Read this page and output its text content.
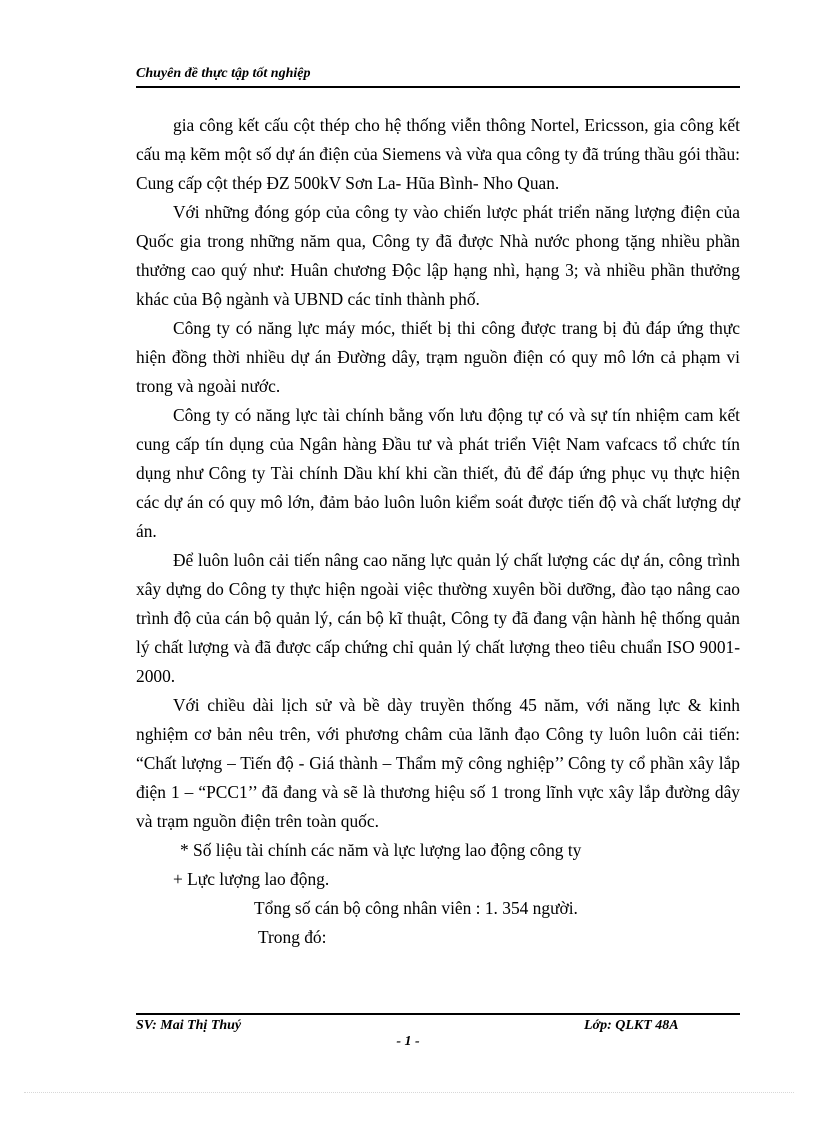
Chuyên đề thực tập tốt nghiệp

gia công kết cấu cột thép cho hệ thống viễn thông Nortel, Ericsson, gia công kết cấu mạ kẽm một số dự án điện của Siemens và vừa qua công ty đã trúng thầu gói thầu: Cung cấp cột thép ĐZ 500kV Sơn La- Hũa Bình- Nho Quan.

Với những đóng góp của công ty vào chiến lược phát triển năng lượng điện của Quốc gia trong những năm qua, Công ty đã được Nhà nước phong tặng nhiều phần thưởng cao quý như: Huân chương Độc lập hạng nhì, hạng 3; và nhiều phần thưởng khác của Bộ ngành và UBND các tỉnh thành phố.

Công ty có năng lực máy móc, thiết bị thi công được trang bị đủ đáp ứng thực hiện đồng thời nhiều dự án Đường dây, trạm nguồn điện có quy mô lớn cả phạm vi trong và ngoài nước.

Công ty có năng lực tài chính bằng vốn lưu động tự có và sự tín nhiệm cam kết cung cấp tín dụng của Ngân hàng Đầu tư và phát triển Việt Nam vafcacs tổ chức tín dụng như Công ty Tài chính Dầu khí khi cần thiết, đủ để đáp ứng phục vụ thực hiện các dự án có quy mô lớn, đảm bảo luôn luôn kiểm soát được tiến độ và chất lượng dự án.

Để luôn luôn cải tiến nâng cao năng lực quản lý chất lượng các dự án, công trình xây dựng do Công ty thực hiện ngoài việc thường xuyên bồi dưỡng, đào tạo nâng cao trình độ của cán bộ quản lý, cán bộ kĩ thuật, Công ty đã đang vận hành hệ thống quản lý chất lượng và đã được cấp chứng chỉ quản lý chất lượng theo tiêu chuẩn ISO 9001- 2000.

Với chiều dài lịch sử và bề dày truyền thống 45 năm, với năng lực & kinh nghiệm cơ bản nêu trên, với phương châm của lãnh đạo Công ty luôn luôn cải tiến: “Chất lượng – Tiến độ - Giá thành – Thẩm mỹ công nghiệp’’ Công ty cổ phần xây lắp điện 1 – “PCC1’’ đã đang và sẽ là thương hiệu số 1 trong lĩnh vực xây lắp đường dây và trạm nguồn điện trên toàn quốc.

* Số liệu tài chính các năm và lực lượng lao động công ty

+ Lực lượng lao động.

Tổng số cán bộ công nhân viên : 1. 354 người.

Trong đó:

SV: Mai Thị Thuý	Lớp: QLKT 48A
- 1 -
